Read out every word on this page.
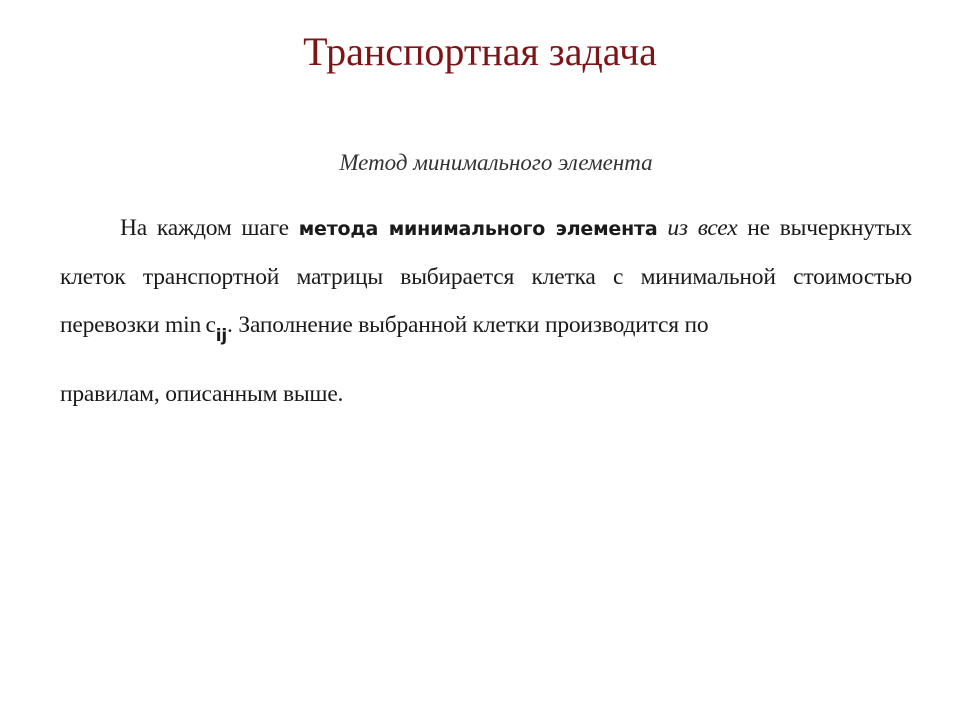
Транспортная задача

Метод минимального элемента

На каждом шаге метода минимального элемента из всех не вычеркнутых клеток транспортной матрицы выбирается клетка с минимальной стоимостью перевозки $\min c_{ij}$. Заполнение выбранной клетки производится по
правилам, описанным выше.
